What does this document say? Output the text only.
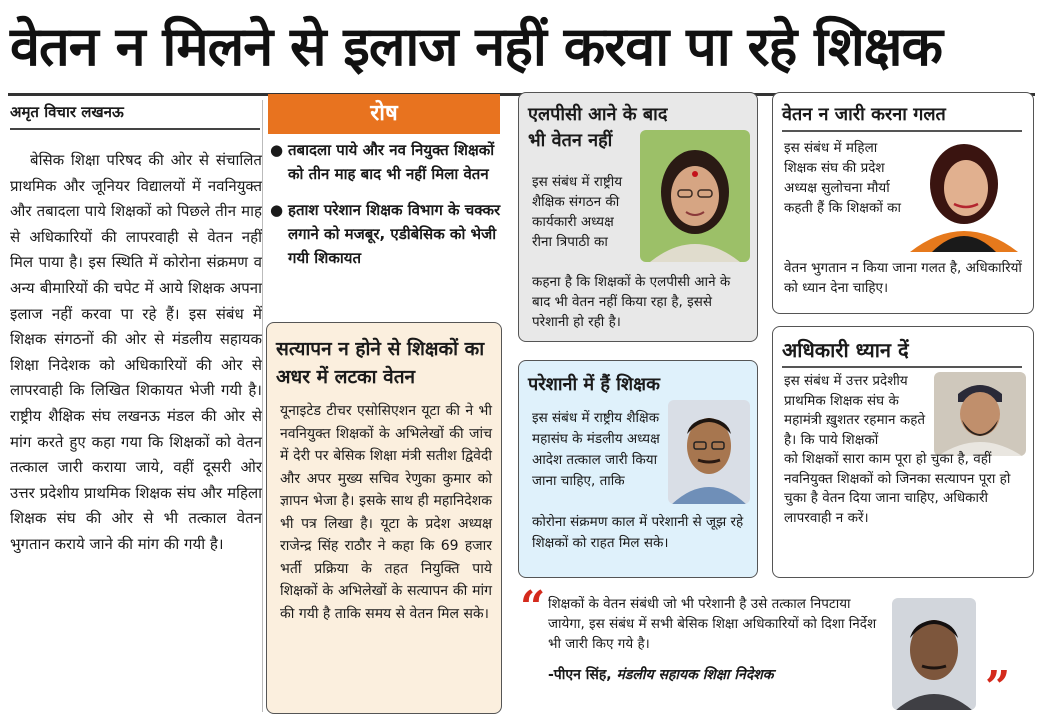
वेतन न मिलने से इलाज नहीं करवा पा रहे शिक्षक
अमृत विचार लखनऊ
बेसिक शिक्षा परिषद की ओर से संचालित प्राथमिक और जूनियर विद्यालयों में नवनियुक्त और तबादला पाये शिक्षकों को पिछले तीन माह से अधिकारियों की लापरवाही से वेतन नहीं मिल पाया है। इस स्थिति में कोरोना संक्रमण व अन्य बीमारियों की चपेट में आये शिक्षक अपना इलाज नहीं करवा पा रहे हैं। इस संबंध में शिक्षक संगठनों की ओर से मंडलीय सहायक शिक्षा निदेशक को अधिकारियों की ओर से लापरवाही कि लिखित शिकायत भेजी गयी है। राष्ट्रीय शैक्षिक संघ लखनऊ मंडल की ओर से मांग करते हुए कहा गया कि शिक्षकों को वेतन तत्काल जारी कराया जाये, वहीं दूसरी ओर उत्तर प्रदेशीय प्राथमिक शिक्षक संघ और महिला शिक्षक संघ की ओर से भी तत्काल वेतन भुगतान कराये जाने की मांग की गयी है।
रोष
● तबादला पाये और नव नियुक्त शिक्षकों को तीन माह बाद भी नहीं मिला वेतन
● हताश परेशान शिक्षक विभाग के चक्कर लगाने को मजबूर, एडीबेसिक को भेजी गयी शिकायत
सत्यापन न होने से शिक्षकों का अधर में लटका वेतन
यूनाइटेड टीचर एसोसिएशन यूटा की ने भी नवनियुक्त शिक्षकों के अभिलेखों की जांच में देरी पर बेसिक शिक्षा मंत्री सतीश द्विवेदी और अपर मुख्य सचिव रेणुका कुमार को ज्ञापन भेजा है। इसके साथ ही महानिदेशक भी पत्र लिखा है। यूटा के प्रदेश अध्यक्ष राजेन्द्र सिंह राठौर ने कहा कि 69 हजार भर्ती प्रक्रिया के तहत नियुक्ति पाये शिक्षकों के अभिलेखों के सत्यापन की मांग की गयी है ताकि समय से वेतन मिल सके।
एलपीसी आने के बाद भी वेतन नहीं
इस संबंध में राष्ट्रीय शैक्षिक संगठन की कार्यकारी अध्यक्ष रीना त्रिपाठी का
कहना है कि शिक्षकों के एलपीसी आने के बाद भी वेतन नहीं किया रहा है, इससे परेशानी हो रही है।
परेशानी में हैं शिक्षक
इस संबंध में राष्ट्रीय शैक्षिक महासंघ के मंडलीय अध्यक्ष आदेश तत्काल जारी किया जाना चाहिए, ताकि
कोरोना संक्रमण काल में परेशानी से जूझ रहे शिक्षकों को राहत मिल सके।
वेतन न जारी करना गलत
इस संबंध में महिला शिक्षक संघ की प्रदेश अध्यक्ष सुलोचना मौर्या कहती हैं कि शिक्षकों का
वेतन भुगतान न किया जाना गलत है, अधिकारियों को ध्यान देना चाहिए।
अधिकारी ध्यान दें
इस संबंध में उत्तर प्रदेशीय प्राथमिक शिक्षक संघ के महामंत्री ख़ुशतर रहमान कहते है। कि पाये शिक्षकों
को शिक्षकों सारा काम पूरा हो चुका है, वहीं नवनियुक्त शिक्षकों को जिनका सत्यापन पूरा हो चुका है वेतन दिया जाना चाहिए, अधिकारी लापरवाही न करें।
“ शिक्षकों के वेतन संबंधी जो भी परेशानी है उसे तत्काल निपटाया जायेगा, इस संबंध में सभी बेसिक शिक्षा अधिकारियों को दिशा निर्देश भी जारी किए गये है।
-पीएन सिंह, मंडलीय सहायक शिक्षा निदेशक	”
